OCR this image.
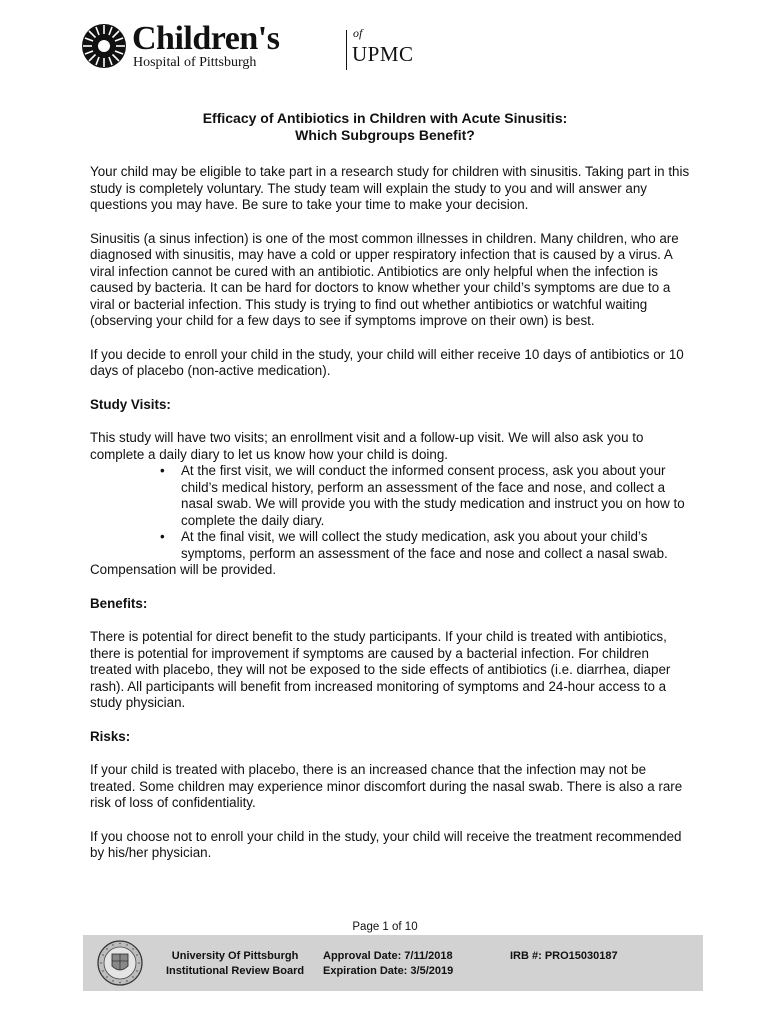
Children's
Hospital of Pittsburgh
of
UPMC
Efficacy of Antibiotics in Children with Acute Sinusitis:
Which Subgroups Benefit?

Your child may be eligible to take part in a research study for children with sinusitis. Taking part in this study is completely voluntary. The study team will explain the study to you and will answer any questions you may have. Be sure to take your time to make your decision.

Sinusitis (a sinus infection) is one of the most common illnesses in children. Many children, who are diagnosed with sinusitis, may have a cold or upper respiratory infection that is caused by a virus. A viral infection cannot be cured with an antibiotic. Antibiotics are only helpful when the infection is caused by bacteria. It can be hard for doctors to know whether your child’s symptoms are due to a viral or bacterial infection. This study is trying to find out whether antibiotics or watchful waiting (observing your child for a few days to see if symptoms improve on their own) is best.

If you decide to enroll your child in the study, your child will either receive 10 days of antibiotics or 10 days of placebo (non-active medication).

Study Visits:

This study will have two visits; an enrollment visit and a follow-up visit. We will also ask you to complete a daily diary to let us know how your child is doing.

• At the first visit, we will conduct the informed consent process, ask you about your child’s medical history, perform an assessment of the face and nose, and collect a nasal swab. We will provide you with the study medication and instruct you on how to complete the daily diary.
• At the final visit, we will collect the study medication, ask you about your child’s symptoms, perform an assessment of the face and nose and collect a nasal swab.

Compensation will be provided.

Benefits:

There is potential for direct benefit to the study participants. If your child is treated with antibiotics, there is potential for improvement if symptoms are caused by a bacterial infection. For children treated with placebo, they will not be exposed to the side effects of antibiotics (i.e. diarrhea, diaper rash). All participants will benefit from increased monitoring of symptoms and 24-hour access to a study physician.

Risks:

If your child is treated with placebo, there is an increased chance that the infection may not be treated. Some children may experience minor discomfort during the nasal swab. There is also a rare risk of loss of confidentiality.

If you choose not to enroll your child in the study, your child will receive the treatment recommended by his/her physician.

Page 1 of 10
University Of Pittsburgh
Institutional Review Board
Approval Date: 7/11/2018
Expiration Date: 3/5/2019
IRB #: PRO15030187
